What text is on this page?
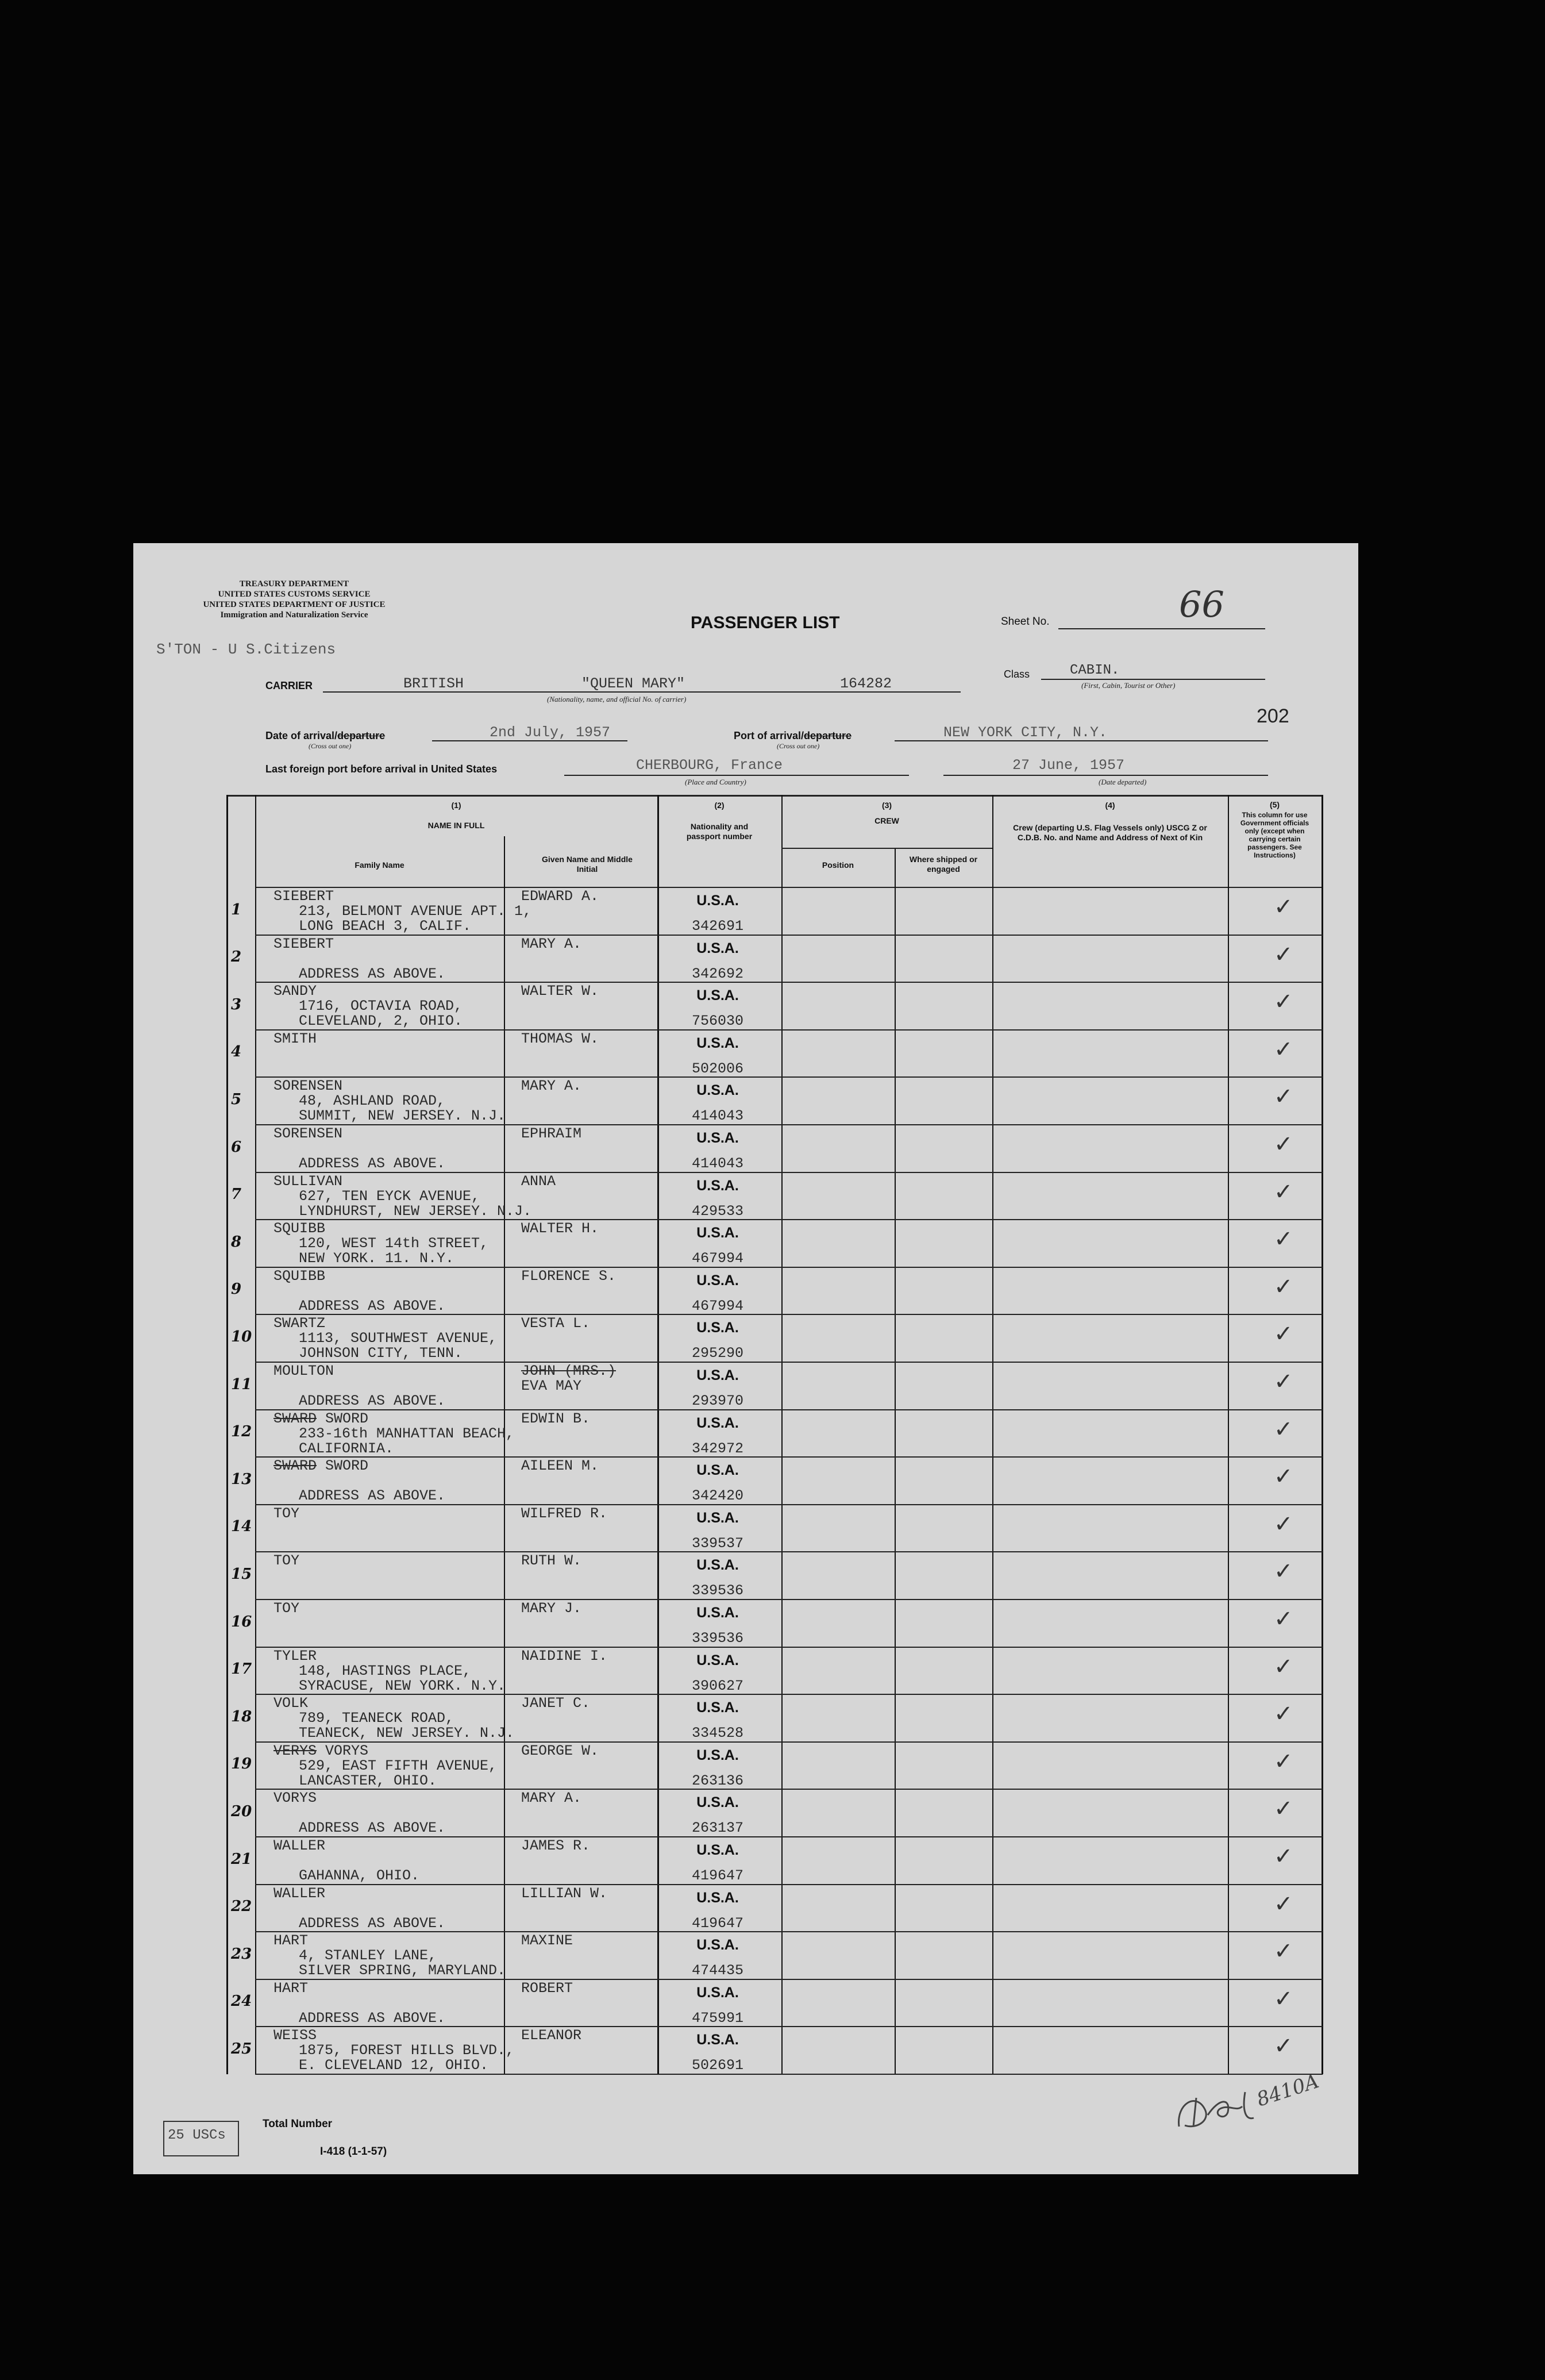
TREASURY DEPARTMENT
UNITED STATES CUSTOMS SERVICE
UNITED STATES DEPARTMENT OF JUSTICE
Immigration and Naturalization Service	PASSENGER LIST	Sheet No.	66
S'TON - U S.Citizens
CARRIER	BRITISH	"QUEEN MARY"	164282
(Nationality, name, and official No. of carrier)
Class	CABIN.
(First, Cabin, Tourist or Other)
202
Date of arrival/departure
(Cross out one)
2nd July, 1957	Port of arrival/departure
(Cross out one)
NEW YORK CITY, N.Y.
Last foreign port before arrival in United States	CHERBOURG, France
(Place and Country)
27 June, 1957
(Date departed)
(1)
NAME IN FULL
Family Name
Given Name and Middle Initial
(2)
Nationality and passport number
(3)
CREW
Position
Where shipped or engaged
(4)
Crew (departing U.S. Flag Vessels only) USCG Z or C.D.B. No. and Name and Address of Next of Kin
(5)
This column for use Government officials only (except when carrying certain passengers. See Instructions)
1
SIEBERT	EDWARD A.
213, BELMONT AVENUE APT. 1,
LONG BEACH 3, CALIF.
U.S.A.
342691
✓
2
SIEBERT	MARY A.
ADDRESS AS ABOVE.
U.S.A.
342692
✓
3
SANDY	WALTER W.
1716, OCTAVIA ROAD,
CLEVELAND, 2, OHIO.
U.S.A.
756030
✓
4
SMITH	THOMAS W.	U.S.A.
502006
✓
5
SORENSEN	MARY A.
48, ASHLAND ROAD,
SUMMIT, NEW JERSEY. N.J.
U.S.A.
414043
✓
6
SORENSEN	EPHRAIM
ADDRESS AS ABOVE.
U.S.A.
414043
✓
7
SULLIVAN	ANNA
627, TEN EYCK AVENUE,
LYNDHURST, NEW JERSEY. N.J.
U.S.A.
429533
✓
8
SQUIBB	WALTER H.
120, WEST 14th STREET,
NEW YORK. 11. N.Y.
U.S.A.
467994
✓
9
SQUIBB	FLORENCE S.
ADDRESS AS ABOVE.
U.S.A.
467994
✓
10
SWARTZ	VESTA L.
1113, SOUTHWEST AVENUE,
JOHNSON CITY, TENN.
U.S.A.
295290
✓
11
MOULTON	JOHN (MRS.)
EVA MAY
ADDRESS AS ABOVE.
U.S.A.
293970
✓
12
SWARD SWORD	EDWIN B.
233-16th MANHATTAN BEACH,
CALIFORNIA.
U.S.A.
342972
✓
13
SWARD SWORD	AILEEN M.
ADDRESS AS ABOVE.
U.S.A.
342420
✓
14
TOY	WILFRED R.	U.S.A.
339537
✓
15
TOY	RUTH W.	U.S.A.
339536
✓
16
TOY	MARY J.	U.S.A.
339536
✓
17
TYLER	NAIDINE I.
148, HASTINGS PLACE,
SYRACUSE, NEW YORK. N.Y.
U.S.A.
390627
✓
18
VOLK	JANET C.
789, TEANECK ROAD,
TEANECK, NEW JERSEY. N.J.
U.S.A.
334528
✓
19
VERYS VORYS	GEORGE W.
529, EAST FIFTH AVENUE,
LANCASTER, OHIO.
U.S.A.
263136
✓
20
VORYS	MARY A.
ADDRESS AS ABOVE.
U.S.A.
263137
✓
21
WALLER	JAMES R.
GAHANNA, OHIO.
U.S.A.
419647
✓
22
WALLER	LILLIAN W.
ADDRESS AS ABOVE.
U.S.A.
419647
✓
23
HART	MAXINE
4, STANLEY LANE,
SILVER SPRING, MARYLAND.
U.S.A.
474435
✓
24
HART	ROBERT
ADDRESS AS ABOVE.
U.S.A.
475991
✓
25
WEISS	ELEANOR
1875, FOREST HILLS BLVD.,
E. CLEVELAND 12, OHIO.
U.S.A.
502691
✓
25 USCs
Total Number
I-418 (1-1-57)
8410A
